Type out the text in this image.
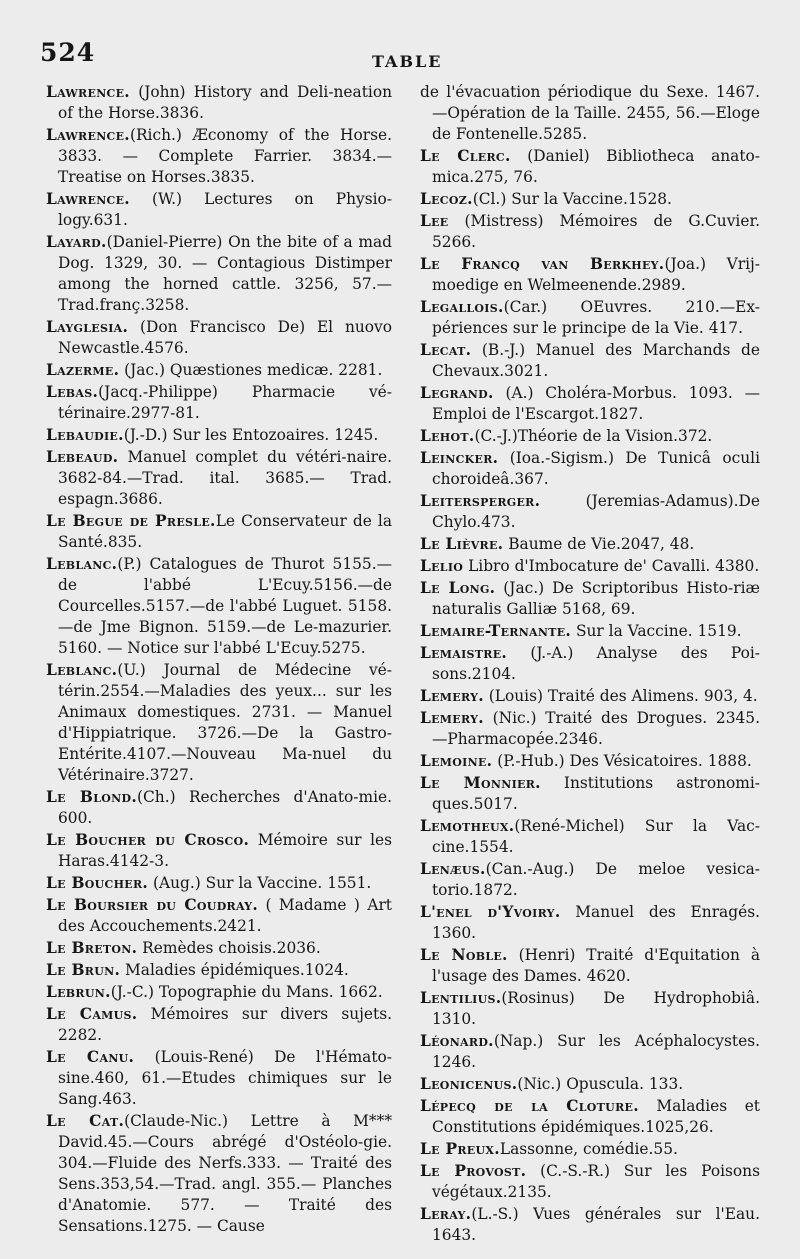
524	TABLE
Lawrence. (John) History and Deli-neation of the Horse.3836.
Lawrence.(Rich.) Æconomy of the Horse. 3833. — Complete Farrier. 3834.—Treatise on Horses.3835.
Lawrence. (W.) Lectures on Physio-logy.631.
Layard.(Daniel-Pierre) On the bite of a mad Dog. 1329, 30. — Contagious Distimper among the horned cattle. 3256, 57.—Trad.franç.3258.
Layglesia. (Don Francisco De) El nuovo Newcastle.4576.
Lazerme. (Jac.) Quæstiones medicæ. 2281.
Lebas.(Jacq.-Philippe) Pharmacie vé-térinaire.2977-81.
Lebaudie.(J.-D.) Sur les Entozoaires. 1245.
Lebeaud. Manuel complet du vétéri-naire. 3682-84.—Trad. ital. 3685.— Trad. espagn.3686.
Le Begue de Presle.Le Conservateur de la Santé.835.
Leblanc.(P.) Catalogues de Thurot 5155.—de l'abbé L'Ecuy.5156.—de Courcelles.5157.—de l'abbé Luguet. 5158. —de Jme Bignon. 5159.—de Le-mazurier. 5160. — Notice sur l'abbé L'Ecuy.5275.
Leblanc.(U.) Journal de Médecine vé-térin.2554.—Maladies des yeux... sur les Animaux domestiques. 2731. — Manuel d'Hippiatrique. 3726.—De la Gastro-Entérite.4107.—Nouveau Ma-nuel du Vétérinaire.3727.
Le Blond.(Ch.) Recherches d'Anato-mie. 600.
Le Boucher du Crosco. Mémoire sur les Haras.4142-3.
Le Boucher. (Aug.) Sur la Vaccine. 1551.
Le Boursier du Coudray. ( Madame ) Art des Accouchements.2421.
Le Breton. Remèdes choisis.2036.
Le Brun. Maladies épidémiques.1024.
Lebrun.(J.-C.) Topographie du Mans. 1662.
Le Camus. Mémoires sur divers sujets. 2282.
Le Canu. (Louis-René) De l'Hémato-sine.460, 61.—Etudes chimiques sur le Sang.463.
Le Cat.(Claude-Nic.) Lettre à M*** David.45.—Cours abrégé d'Ostéolo-gie. 304.—Fluide des Nerfs.333. — Traité des Sens.353,54.—Trad. angl. 355.— Planches d'Anatomie. 577. — Traité des Sensations.1275. — Cause
de l'évacuation périodique du Sexe. 1467.—Opération de la Taille. 2455, 56.—Eloge de Fontenelle.5285.
Le Clerc. (Daniel) Bibliotheca anato-mica.275, 76.
Lecoz.(Cl.) Sur la Vaccine.1528.
Lee (Mistress) Mémoires de G.Cuvier. 5266.
Le Francq van Berkhey.(Joa.) Vrij-moedige en Welmeenende.2989.
Legallois.(Car.) OEuvres. 210.—Ex-périences sur le principe de la Vie. 417.
Lecat. (B.-J.) Manuel des Marchands de Chevaux.3021.
Legrand. (A.) Choléra-Morbus. 1093. —Emploi de l'Escargot.1827.
Lehot.(C.-J.)Théorie de la Vision.372.
Leincker. (Ioa.-Sigism.) De Tunicâ oculi choroideâ.367.
Leitersperger. (Jeremias-Adamus).De Chylo.473.
Le Lièvre. Baume de Vie.2047, 48.
Lelio Libro d'Imbocature de' Cavalli. 4380.
Le Long. (Jac.) De Scriptoribus Histo-riæ naturalis Galliæ 5168, 69.
Lemaire-Ternante. Sur la Vaccine. 1519.
Lemaistre. (J.-A.) Analyse des Poi-sons.2104.
Lemery. (Louis) Traité des Alimens. 903, 4.
Lemery. (Nic.) Traité des Drogues. 2345. —Pharmacopée.2346.
Lemoine. (P.-Hub.) Des Vésicatoires. 1888.
Le Monnier. Institutions astronomi-ques.5017.
Lemotheux.(René-Michel) Sur la Vac-cine.1554.
Lenæus.(Can.-Aug.) De meloe vesica-torio.1872.
L'enel d'Yvoiry. Manuel des Enragés. 1360.
Le Noble. (Henri) Traité d'Equitation à l'usage des Dames. 4620.
Lentilius.(Rosinus) De Hydrophobiâ. 1310.
Léonard.(Nap.) Sur les Acéphalocystes. 1246.
Leonicenus.(Nic.) Opuscula. 133.
Lépecq de la Cloture. Maladies et Constitutions épidémiques.1025,26.
Le Preux.Lassonne, comédie.55.
Le Provost. (C.-S.-R.) Sur les Poisons végétaux.2135.
Leray.(L.-S.) Vues générales sur l'Eau. 1643.
